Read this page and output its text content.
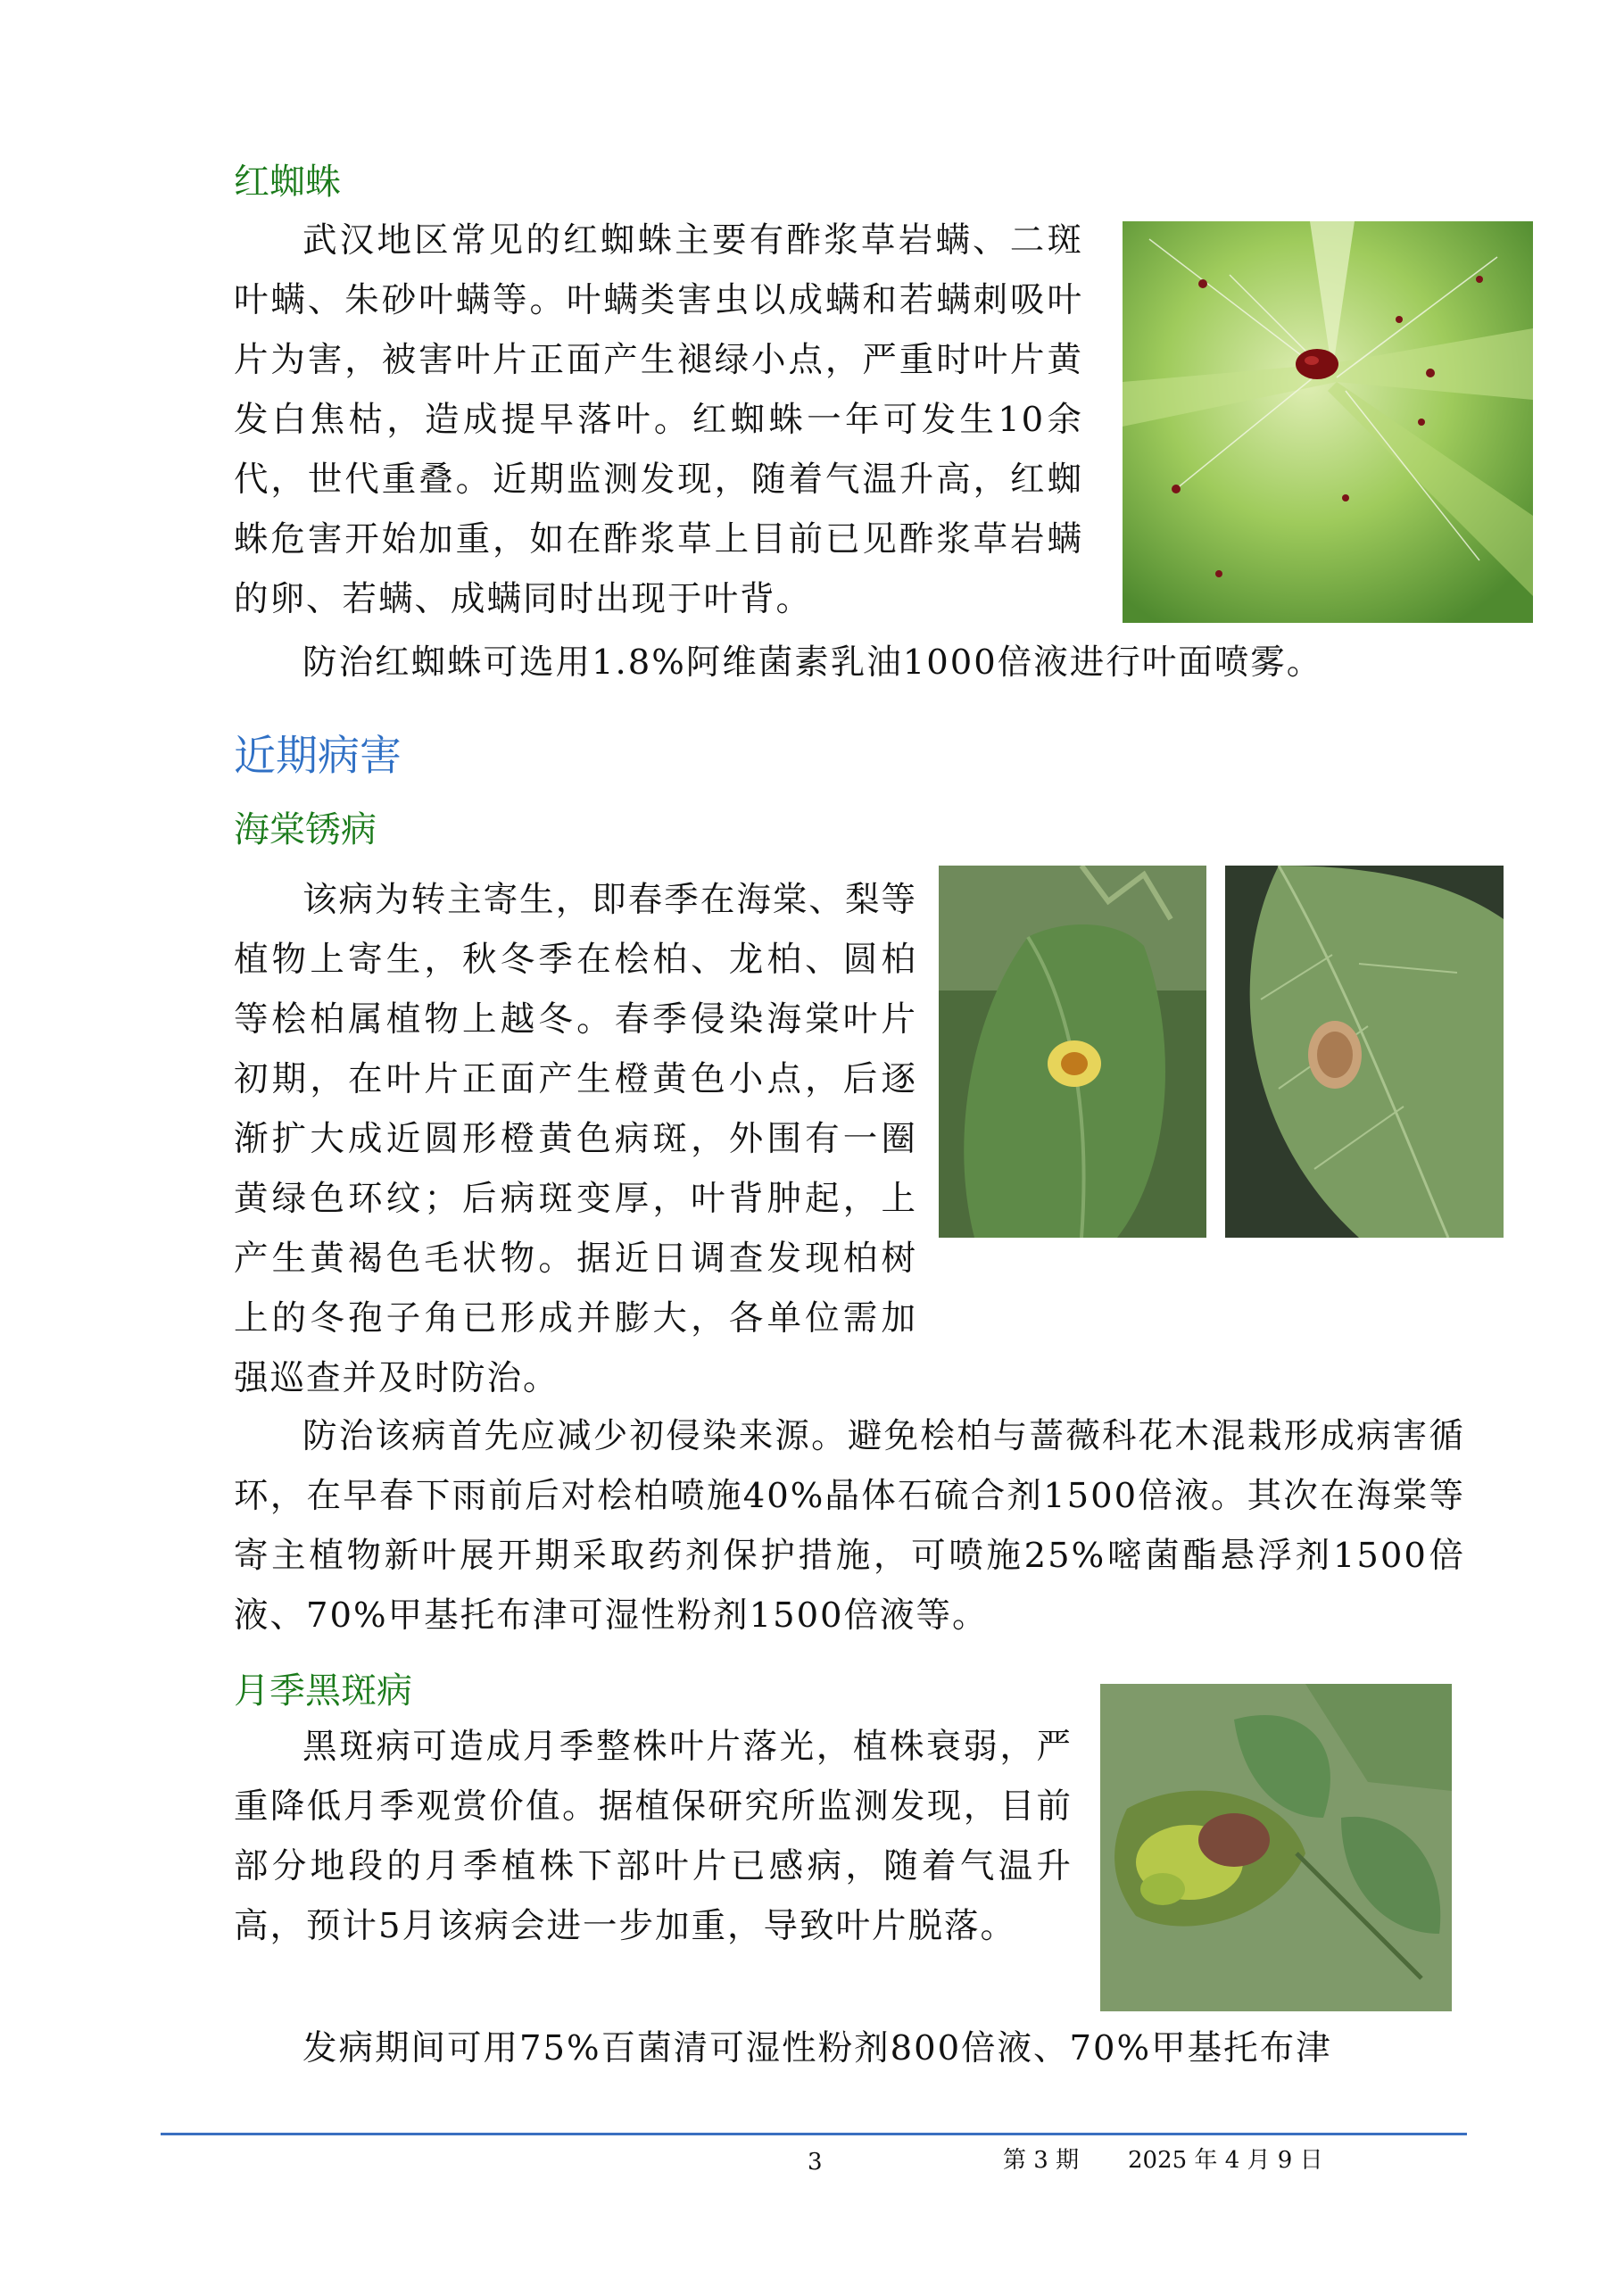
红蜘蛛

武汉地区常见的红蜘蛛主要有酢浆草岩螨、二斑叶螨、朱砂叶螨等。叶螨类害虫以成螨和若螨刺吸叶片为害，被害叶片正面产生褪绿小点，严重时叶片黄发白焦枯，造成提早落叶。红蜘蛛一年可发生10余代，世代重叠。近期监测发现，随着气温升高，红蜘蛛危害开始加重，如在酢浆草上目前已见酢浆草岩螨的卵、若螨、成螨同时出现于叶背。

防治红蜘蛛可选用1.8%阿维菌素乳油1000倍液进行叶面喷雾。

近期病害
海棠锈病

该病为转主寄生，即春季在海棠、梨等植物上寄生，秋冬季在桧柏、龙柏、圆柏等桧柏属植物上越冬。春季侵染海棠叶片初期，在叶片正面产生橙黄色小点，后逐渐扩大成近圆形橙黄色病斑，外围有一圈黄绿色环纹；后病斑变厚，叶背肿起，上产生黄褐色毛状物。据近日调查发现柏树上的冬孢子角已形成并膨大，各单位需加强巡查并及时防治。

防治该病首先应减少初侵染来源。避免桧柏与蔷薇科花木混栽形成病害循环，在早春下雨前后对桧柏喷施40%晶体石硫合剂1500倍液。其次在海棠等寄主植物新叶展开期采取药剂保护措施，可喷施25%嘧菌酯悬浮剂1500倍液、70%甲基托布津可湿性粉剂1500倍液等。

月季黑斑病

黑斑病可造成月季整株叶片落光，植株衰弱，严重降低月季观赏价值。据植保研究所监测发现，目前部分地段的月季植株下部叶片已感病，随着气温升高，预计5月该病会进一步加重，导致叶片脱落。

发病期间可用75%百菌清可湿性粉剂800倍液、70%甲基托布津

3	第 3 期 2025 年 4 月 9 日
